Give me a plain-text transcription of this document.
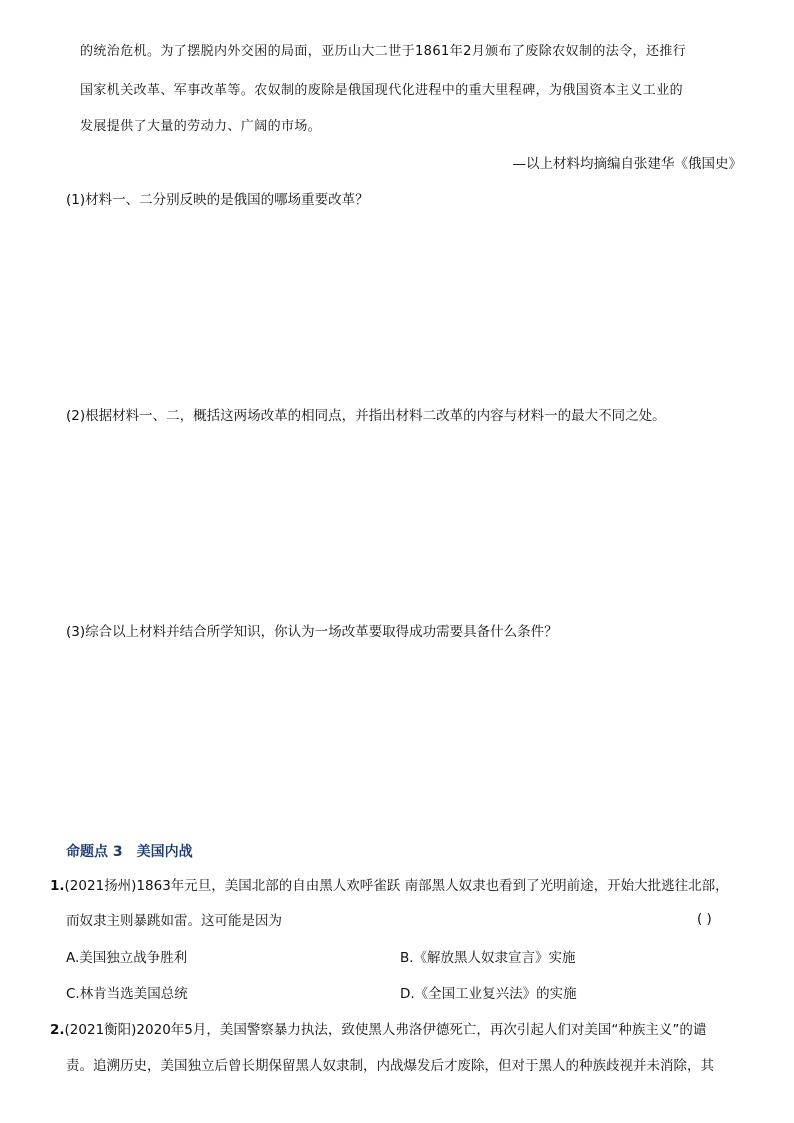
的统治危机。为了摆脱内外交困的局面，亚历山大二世于1861年2月颁布了废除农奴制的法令，还推行
国家机关改革、军事改革等。农奴制的废除是俄国现代化进程中的重大里程碑，为俄国资本主义工业的
发展提供了大量的劳动力、广阔的市场。
—以上材料均摘编自张建华《俄国史》
(1)材料一、二分别反映的是俄国的哪场重要改革？
(2)根据材料一、二，概括这两场改革的相同点，并指出材料二改革的内容与材料一的最大不同之处。
(3)综合以上材料并结合所学知识，你认为一场改革要取得成功需要具备什么条件？
命题点 3 美国内战
1.(2021扬州)1863年元旦，美国北部的自由黑人欢呼雀跃 南部黑人奴隶也看到了光明前途，开始大批逃往北部，
而奴隶主则暴跳如雷。这可能是因为	( )
A.美国独立战争胜利	B.《解放黑人奴隶宣言》实施
C.林肯当选美国总统	D.《全国工业复兴法》的实施
2.(2021衡阳)2020年5月，美国警察暴力执法，致使黑人弗洛伊德死亡，再次引起人们对美国“种族主义”的谴
责。追溯历史，美国独立后曾长期保留黑人奴隶制，内战爆发后才废除，但对于黑人的种族歧视并未消除，其
